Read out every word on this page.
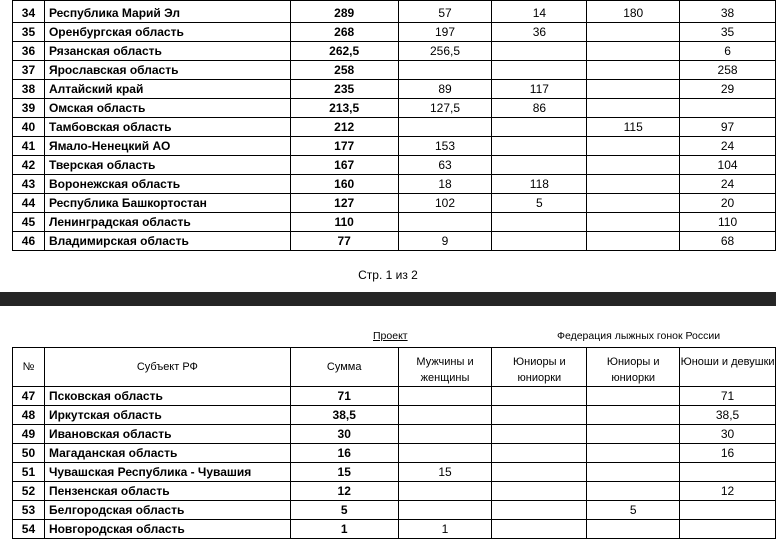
34	Республика Марий Эл	289	57	14	180	38
35	Оренбургская область	268	197	36		35
36	Рязанская область	262,5	256,5			6
37	Ярославская область	258				258
38	Алтайский край	235	89	117		29
39	Омская область	213,5	127,5	86		
40	Тамбовская область	212			115	97
41	Ямало-Ненецкий АО	177	153			24
42	Тверская область	167	63			104
43	Воронежская область	160	18	118		24
44	Республика Башкортостан	127	102	5		20
45	Ленинградская область	110				110
46	Владимирская область	77	9			68
Стр. 1 из 2
Проект	Федерация лыжных гонок России
№	Субъект РФ	Сумма	Мужчины и женщины	Юниоры и юниорки	Юниоры и юниорки	Юноши и девушки
47	Псковская область	71				71
48	Иркутская область	38,5				38,5
49	Ивановская область	30				30
50	Магаданская область	16				16
51	Чувашская Республика - Чувашия	15	15			
52	Пензенская область	12				12
53	Белгородская область	5			5	
54	Новгородская область	1	1			
